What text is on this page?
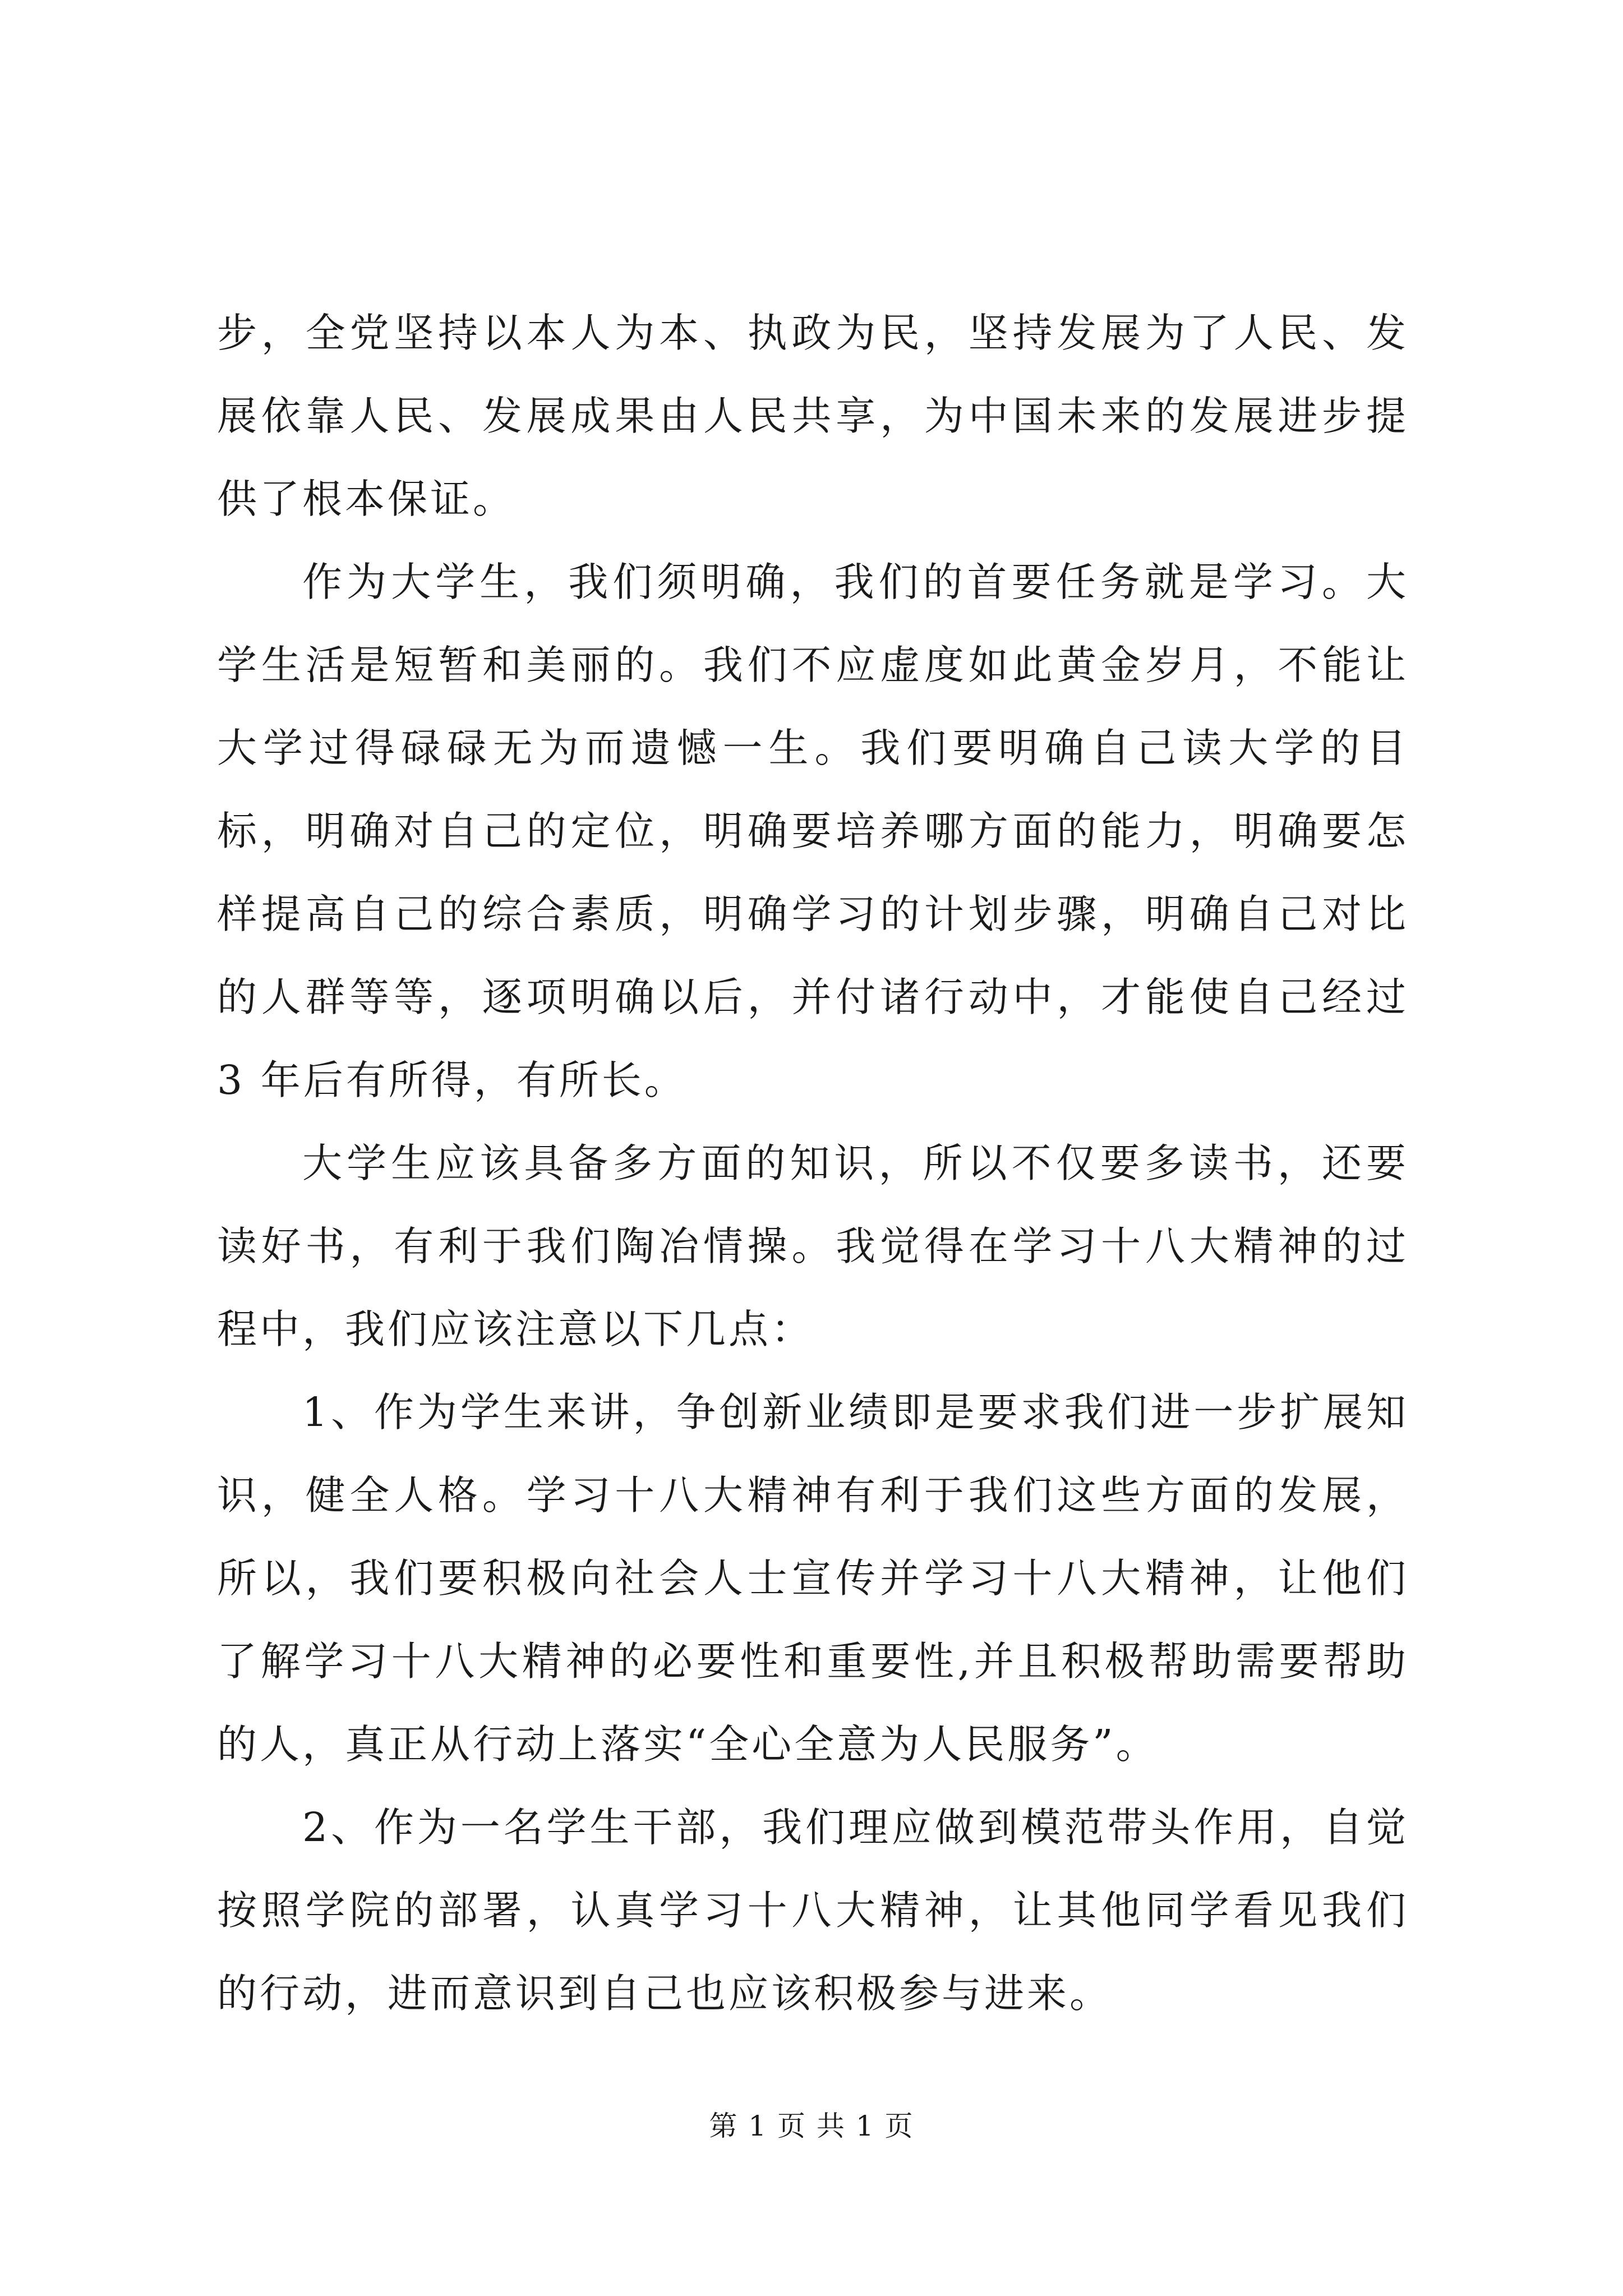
步，全党坚持以本人为本、执政为民，坚持发展为了人民、发展依靠人民、发展成果由人民共享，为中国未来的发展进步提供了根本保证。

作为大学生，我们须明确，我们的首要任务就是学习。大学生活是短暂和美丽的。我们不应虚度如此黄金岁月，不能让大学过得碌碌无为而遗憾一生。我们要明确自己读大学的目标，明确对自己的定位，明确要培养哪方面的能力，明确要怎样提高自己的综合素质，明确学习的计划步骤，明确自己对比的人群等等，逐项明确以后，并付诸行动中，才能使自己经过 3 年后有所得，有所长。

大学生应该具备多方面的知识，所以不仅要多读书，还要读好书，有利于我们陶冶情操。我觉得在学习十八大精神的过程中，我们应该注意以下几点：

1、作为学生来讲，争创新业绩即是要求我们进一步扩展知识，健全人格。学习十八大精神有利于我们这些方面的发展，所以，我们要积极向社会人士宣传并学习十八大精神，让他们了解学习十八大精神的必要性和重要性,并且积极帮助需要帮助的人，真正从行动上落实“全心全意为人民服务”。

2、作为一名学生干部，我们理应做到模范带头作用，自觉按照学院的部署，认真学习十八大精神，让其他同学看见我们的行动，进而意识到自己也应该积极参与进来。

第 1 页 共 1 页
